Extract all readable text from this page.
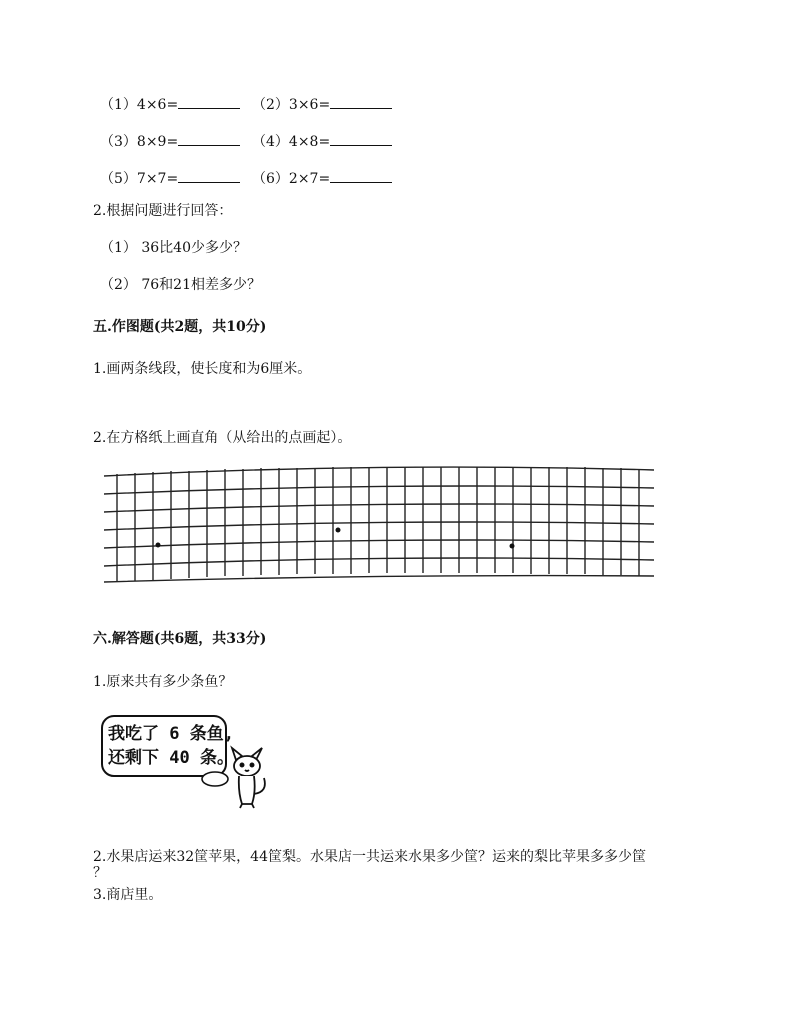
（1）4×6=	（2）3×6=
（3）8×9=	（4）4×8=
（5）7×7=	（6）2×7=
2.根据问题进行回答：
（1） 36比40少多少？
（2） 76和21相差多少？
五.作图题(共2题，共10分)
1.画两条线段，使长度和为6厘米。
2.在方格纸上画直角（从给出的点画起）。
六.解答题(共6题，共33分)
1.原来共有多少条鱼？
我吃了 6 条鱼,
还剩下 40 条。
2.水果店运来32筐苹果，44筐梨。水果店一共运来水果多少筐？运来的梨比苹果多多少筐
？
3.商店里。
